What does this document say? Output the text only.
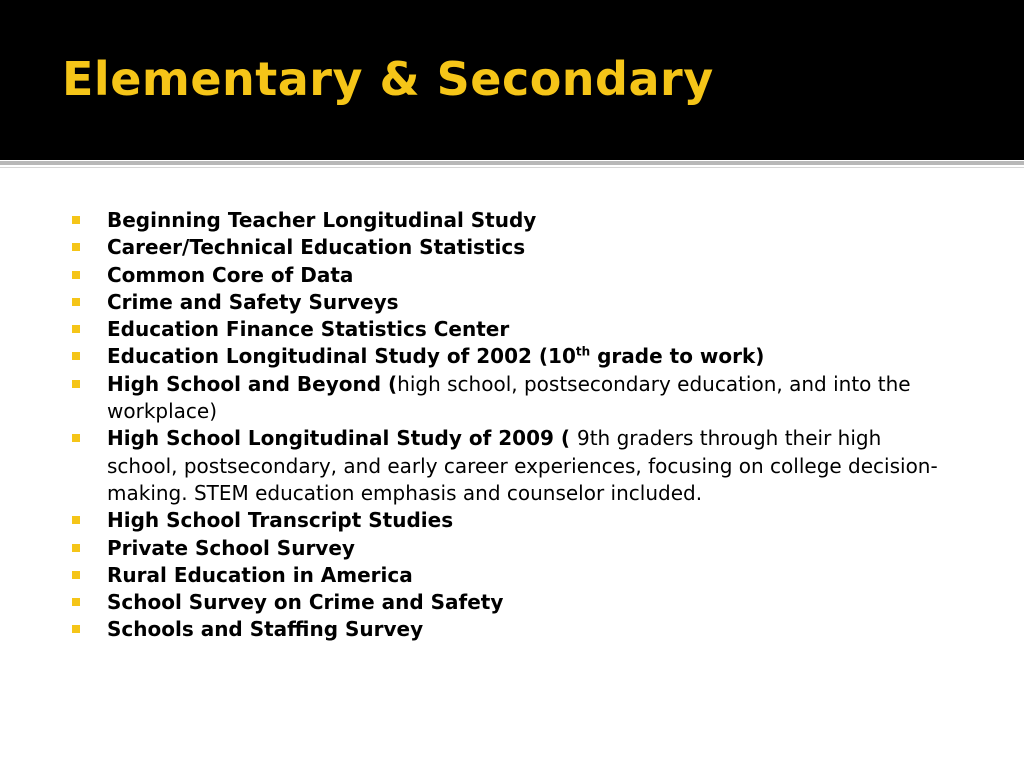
Elementary & Secondary
Beginning Teacher Longitudinal Study
Career/Technical Education Statistics
Common Core of Data
Crime and Safety Surveys
Education Finance Statistics Center
Education Longitudinal Study of 2002 (10th grade to work)
High School and Beyond (high school, postsecondary education, and into the workplace)
High School Longitudinal Study of 2009 ( 9th graders through their high school, postsecondary, and early career experiences, focusing on college decision-making. STEM education emphasis and counselor included.
High School Transcript Studies
Private School Survey
Rural Education in America
School Survey on Crime and Safety
Schools and Staffing Survey
